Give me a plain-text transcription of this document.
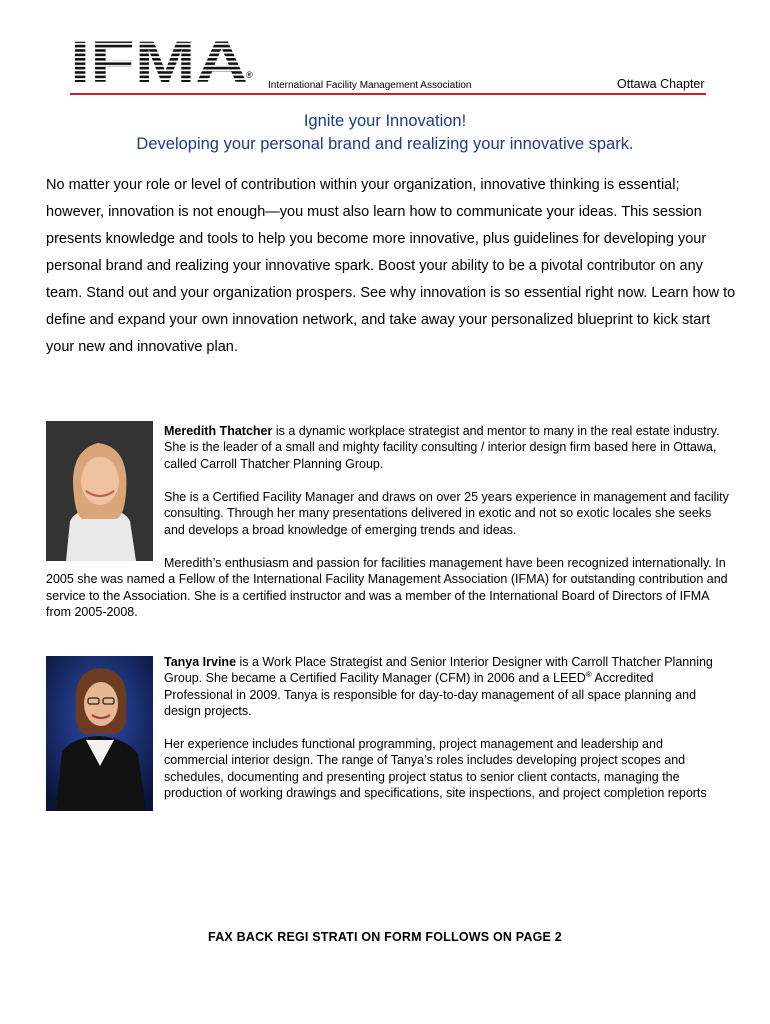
IFMA
®
International Facility Management Association	Ottawa Chapter
Ignite your Innovation!
Developing your personal brand and realizing your innovative spark.
No matter your role or level of contribution within your organization, innovative thinking is essential; however, innovation is not enough—you must also learn how to communicate your ideas. This session presents knowledge and tools to help you become more innovative, plus guidelines for developing your personal brand and realizing your innovative spark. Boost your ability to be a pivotal contributor on any team. Stand out and your organization prospers. See why innovation is so essential right now. Learn how to define and expand your own innovation network, and take away your personalized blueprint to kick start your new and innovative plan.

Meredith Thatcher is a dynamic workplace strategist and mentor to many in the real estate industry. She is the leader of a small and mighty facility consulting / interior design firm based here in Ottawa, called Carroll Thatcher Planning Group.

She is a Certified Facility Manager and draws on over 25 years experience in management and facility consulting. Through her many presentations delivered in exotic and not so exotic locales she seeks and develops a broad knowledge of emerging trends and ideas.
Meredith’s enthusiasm and passion for facilities management have been recognized internationally. In 2005 she was named a Fellow of the International Facility Management Association (IFMA) for outstanding contribution and service to the Association. She is a certified instructor and was a member of the International Board of Directors of IFMA from 2005-2008.

Tanya Irvine is a Work Place Strategist and Senior Interior Designer with Carroll Thatcher Planning Group. She became a Certified Facility Manager (CFM) in 2006 and a LEED® Accredited Professional in 2009. Tanya is responsible for day-to-day management of all space planning and design projects.

Her experience includes functional programming, project management and leadership and commercial interior design. The range of Tanya’s roles includes developing project scopes and schedules, documenting and presenting project status to senior client contacts, managing the production of working drawings and specifications, site inspections, and project completion reports
FAX BACK REGI STRATI ON FORM FOLLOWS ON PAGE 2
